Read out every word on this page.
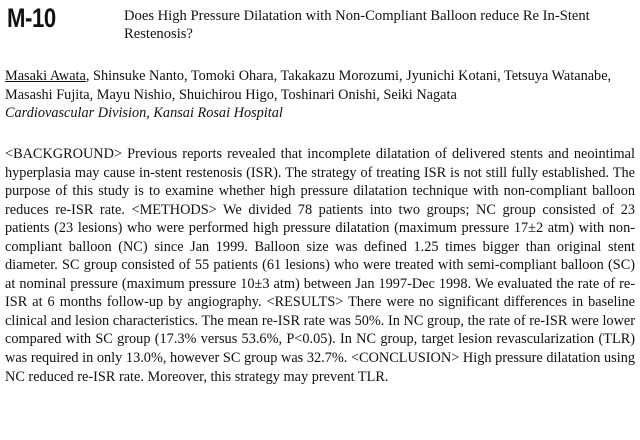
M-10	Does High Pressure Dilatation with Non-Compliant Balloon reduce Re In-Stent Restenosis?
Masaki Awata, Shinsuke Nanto, Tomoki Ohara, Takakazu Morozumi, Jyunichi Kotani, Tetsuya Watanabe, Masashi Fujita, Mayu Nishio, Shuichirou Higo, Toshinari Onishi, Seiki Nagata
Cardiovascular Division, Kansai Rosai Hospital
<BACKGROUND> Previous reports revealed that incomplete dilatation of delivered stents and neointimal hyperplasia may cause in-stent restenosis (ISR). The strategy of treating ISR is not still fully established. The purpose of this study is to examine whether high pressure dilatation technique with non-compliant balloon reduces re-ISR rate. <METHODS> We divided 78 patients into two groups; NC group consisted of 23 patients (23 lesions) who were performed high pressure dilatation (maximum pressure 17±2 atm) with non-compliant balloon (NC) since Jan 1999. Balloon size was defined 1.25 times bigger than original stent diameter. SC group consisted of 55 patients (61 lesions) who were treated with semi-compliant balloon (SC) at nominal pressure (maximum pressure 10±3 atm) between Jan 1997-Dec 1998. We evaluated the rate of re-ISR at 6 months follow-up by angiography. <RESULTS> There were no significant differences in baseline clinical and lesion characteristics. The mean re-ISR rate was 50%. In NC group, the rate of re-ISR were lower compared with SC group (17.3% versus 53.6%, P<0.05). In NC group, target lesion revascularization (TLR) was required in only 13.0%, however SC group was 32.7%. <CONCLUSION> High pressure dilatation using NC reduced re-ISR rate. Moreover, this strategy may prevent TLR.
